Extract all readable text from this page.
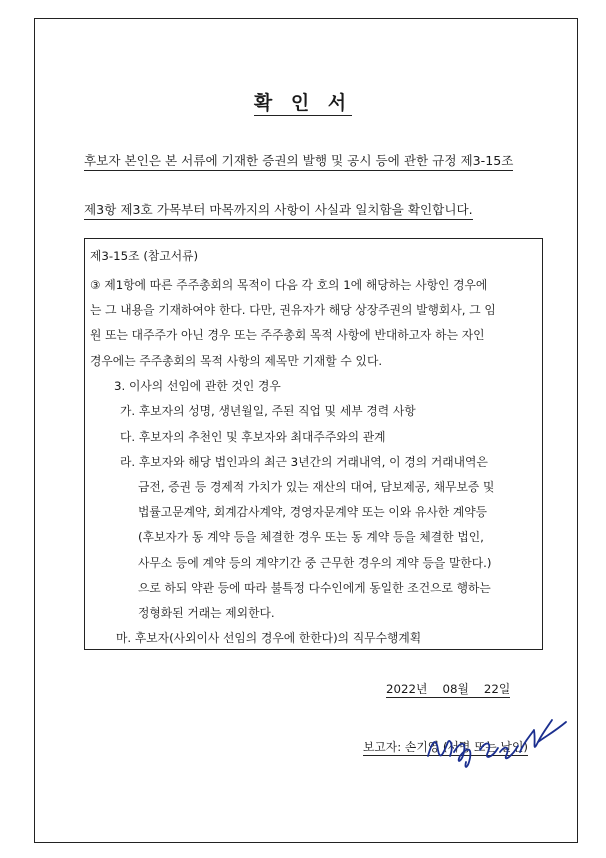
확 인 서
후보자 본인은 본 서류에 기재한 증권의 발행 및 공시 등에 관한 규정 제3-15조
제3항 제3호 가목부터 마목까지의 사항이 사실과 일치함을 확인합니다.
제3-15조 (참고서류)
③ 제1항에 따른 주주총회의 목적이 다음 각 호의 1에 해당하는 사항인 경우에
는 그 내용을 기재하여야 한다. 다만, 권유자가 해당 상장주권의 발행회사, 그 임
원 또는 대주주가 아닌 경우 또는 주주총회 목적 사항에 반대하고자 하는 자인
경우에는 주주총회의 목적 사항의 제목만 기재할 수 있다.
3. 이사의 선임에 관한 것인 경우
가. 후보자의 성명, 생년월일, 주된 직업 및 세부 경력 사항
다. 후보자의 추천인 및 후보자와 최대주주와의 관계
라. 후보자와 해당 법인과의 최근 3년간의 거래내역, 이 경의 거래내역은
금전, 증권 등 경제적 가치가 있는 재산의 대여, 담보제공, 채무보증 및
법률고문계약, 회계감사계약, 경영자문계약 또는 이와 유사한 계약등
(후보자가 동 계약 등을 체결한 경우 또는 동 계약 등을 체결한 법인,
사무소 등에 계약 등의 계약기간 중 근무한 경우의 계약 등을 말한다.)
으로 하되 약관 등에 따라 불특정 다수인에게 동일한 조건으로 행하는
정형화된 거래는 제외한다.
마. 후보자(사외이사 선임의 경우에 한한다)의 직무수행계획
2022년 08월 22일
보고자: 손기영 (서명 또는 날인)
